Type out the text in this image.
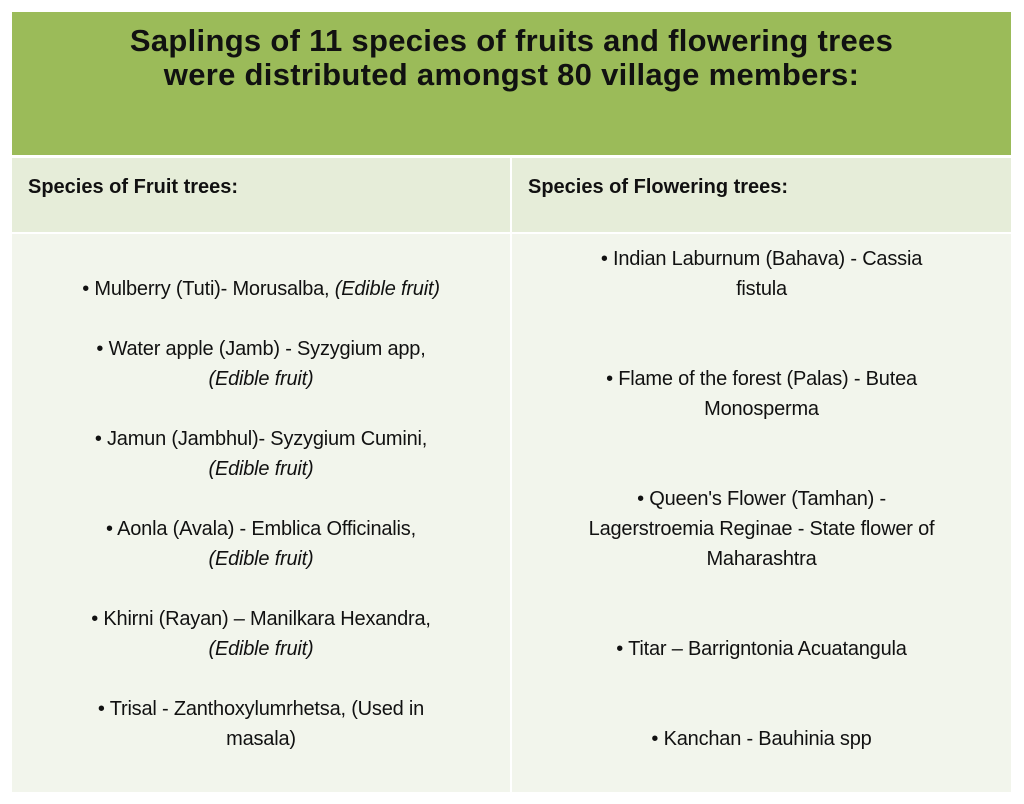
Saplings of 11 species of fruits and flowering trees
were distributed amongst 80 village members:
Species of Fruit trees:	Species of Flowering trees:
• Mulberry (Tuti)- Morusalba, (Edible fruit)
• Water apple (Jamb) - Syzygium app,
(Edible fruit)
• Jamun (Jambhul)- Syzygium Cumini,
(Edible fruit)
• Aonla (Avala) - Emblica Officinalis,
(Edible fruit)
• Khirni (Rayan) – Manilkara Hexandra,
(Edible fruit)
• Trisal - Zanthoxylumrhetsa, (Used in
masala)
• Indian Laburnum (Bahava) - Cassia
fistula
• Flame of the forest (Palas) - Butea
Monosperma
• Queen's Flower (Tamhan) -
Lagerstroemia Reginae - State flower of
Maharashtra
• Titar – Barrigntonia Acuatangula
• Kanchan - Bauhinia spp
